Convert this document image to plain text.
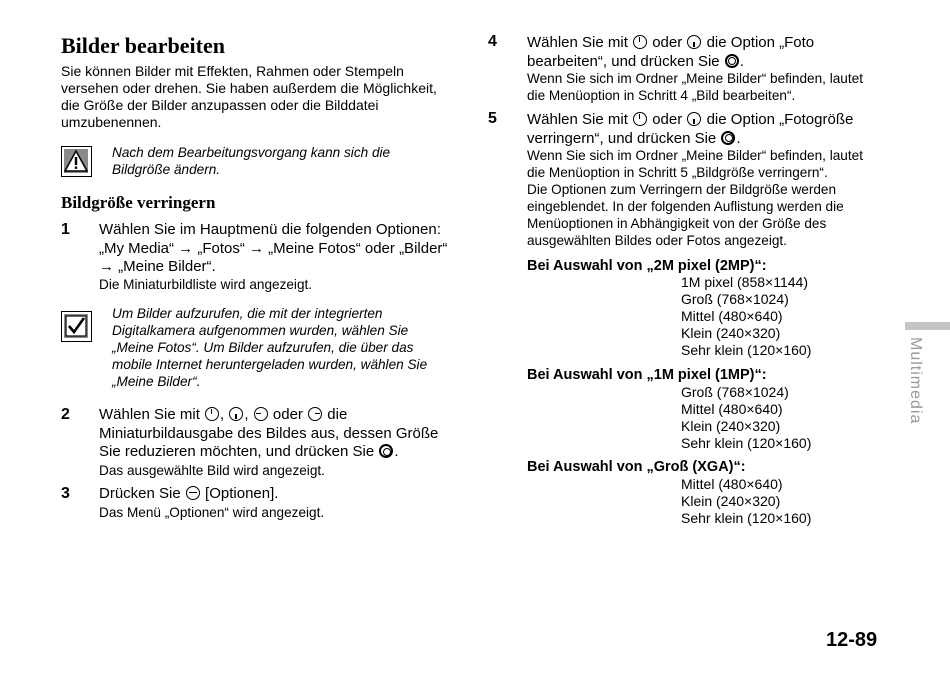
Bilder bearbeiten
Sie können Bilder mit Effekten, Rahmen oder Stempeln
versehen oder drehen. Sie haben außerdem die Möglichkeit,
die Größe der Bilder anzupassen oder die Bilddatei
umzubenennen.
Nach dem Bearbeitungsvorgang kann sich die
Bildgröße ändern.
Bildgröße verringern
1 Wählen Sie im Hauptmenü die folgenden Optionen:
„My Media“ → „Fotos“ → „Meine Fotos“ oder „Bilder“
→ „Meine Bilder“.
Die Miniaturbildliste wird angezeigt.
Um Bilder aufzurufen, die mit der integrierten
Digitalkamera aufgenommen wurden, wählen Sie
„Meine Fotos“. Um Bilder aufzurufen, die über das
mobile Internet heruntergeladen wurden, wählen Sie
„Meine Bilder“.
2 Wählen Sie mit , , oder die
Miniaturbildausgabe des Bildes aus, dessen Größe
Sie reduzieren möchten, und drücken Sie .
Das ausgewählte Bild wird angezeigt.
3 Drücken Sie [Optionen].
Das Menü „Optionen“ wird angezeigt.
4 Wählen Sie mit oder die Option „Foto
bearbeiten“, und drücken Sie .
Wenn Sie sich im Ordner „Meine Bilder“ befinden, lautet
die Menüoption in Schritt 4 „Bild bearbeiten“.
5 Wählen Sie mit oder die Option „Fotogröße
verringern“, und drücken Sie .
Wenn Sie sich im Ordner „Meine Bilder“ befinden, lautet
die Menüoption in Schritt 5 „Bildgröße verringern“.
Die Optionen zum Verringern der Bildgröße werden
eingeblendet. In der folgenden Auflistung werden die
Menüoptionen in Abhängigkeit von der Größe des
ausgewählten Bildes oder Fotos angezeigt.
Bei Auswahl von „2M pixel (2MP)“:
1M pixel (858×1144)
Groß (768×1024)
Mittel (480×640)
Klein (240×320)
Sehr klein (120×160)
Bei Auswahl von „1M pixel (1MP)“:
Groß (768×1024)
Mittel (480×640)
Klein (240×320)
Sehr klein (120×160)
Bei Auswahl von „Groß (XGA)“:
Mittel (480×640)
Klein (240×320)
Sehr klein (120×160)
Multimedia
12-89
